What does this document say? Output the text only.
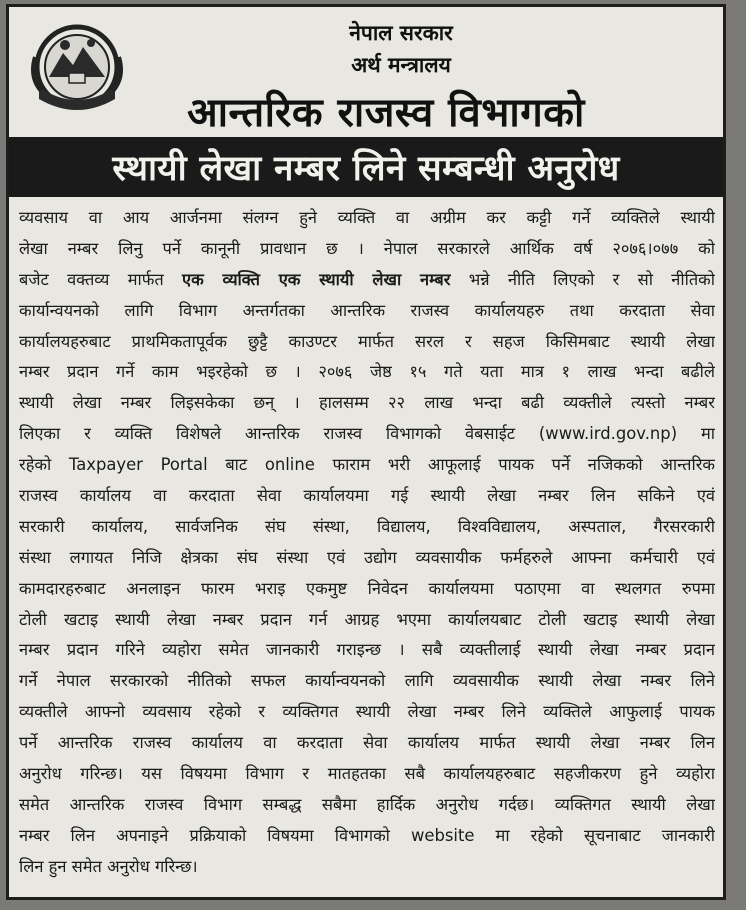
नेपाल सरकार
अर्थ मन्त्रालय
आन्तरिक राजस्व विभागको
स्थायी लेखा नम्बर लिने सम्बन्धी अनुरोध
व्यवसाय वा आय आर्जनमा संलग्न हुने व्यक्ति वा अग्रीम कर कट्टी गर्ने व्यक्तिले स्थायी
लेखा नम्बर लिनु पर्ने कानूनी प्रावधान छ । नेपाल सरकारले आर्थिक वर्ष २०७६।०७७ को
बजेट वक्तव्य मार्फत एक व्यक्ति एक स्थायी लेखा नम्बर भन्ने नीति लिएको र सो नीतिको
कार्यान्वयनको लागि विभाग अन्तर्गतका आन्तरिक राजस्व कार्यालयहरु तथा करदाता सेवा
कार्यालयहरुबाट प्राथमिकतापूर्वक छुट्टै काउण्टर मार्फत सरल र सहज किसिमबाट स्थायी लेखा
नम्बर प्रदान गर्ने काम भइरहेको छ । २०७६ जेष्ठ १५ गते यता मात्र १ लाख भन्दा बढीले
स्थायी लेखा नम्बर लिइसकेका छन् । हालसम्म २२ लाख भन्दा बढी व्यक्तीले त्यस्तो नम्बर
लिएका र व्यक्ति विशेषले आन्तरिक राजस्व विभागको वेबसाईट (www.ird.gov.np) मा
रहेको Taxpayer Portal बाट online फाराम भरी आफूलाई पायक पर्ने नजिकको आन्तरिक
राजस्व कार्यालय वा करदाता सेवा कार्यालयमा गई स्थायी लेखा नम्बर लिन सकिने एवं
सरकारी कार्यालय, सार्वजनिक संघ संस्था, विद्यालय, विश्वविद्यालय, अस्पताल, गैरसरकारी
संस्था लगायत निजि क्षेत्रका संघ संस्था एवं उद्योग व्यवसायीक फर्महरुले आफ्ना कर्मचारी एवं
कामदारहरुबाट अनलाइन फारम भराइ एकमुष्ट निवेदन कार्यालयमा पठाएमा वा स्थलगत रुपमा
टोली खटाइ स्थायी लेखा नम्बर प्रदान गर्न आग्रह भएमा कार्यालयबाट टोली खटाइ स्थायी लेखा
नम्बर प्रदान गरिने व्यहोरा समेत जानकारी गराइन्छ । सबै व्यक्तीलाई स्थायी लेखा नम्बर प्रदान
गर्ने नेपाल सरकारको नीतिको सफल कार्यान्वयनको लागि व्यवसायीक स्थायी लेखा नम्बर लिने
व्यक्तीले आफ्नो व्यवसाय रहेको र व्यक्तिगत स्थायी लेखा नम्बर लिने व्यक्तिले आफुलाई पायक
पर्ने आन्तरिक राजस्व कार्यालय वा करदाता सेवा कार्यालय मार्फत स्थायी लेखा नम्बर लिन
अनुरोध गरिन्छ। यस विषयमा विभाग र मातहतका सबै कार्यालयहरुबाट सहजीकरण हुने व्यहोरा
समेत आन्तरिक राजस्व विभाग सम्बद्ध सबैमा हार्दिक अनुरोध गर्दछ। व्यक्तिगत स्थायी लेखा
नम्बर लिन अपनाइने प्रक्रियाको विषयमा विभागको website मा रहेको सूचनाबाट जानकारी
लिन हुन समेत अनुरोध गरिन्छ।
